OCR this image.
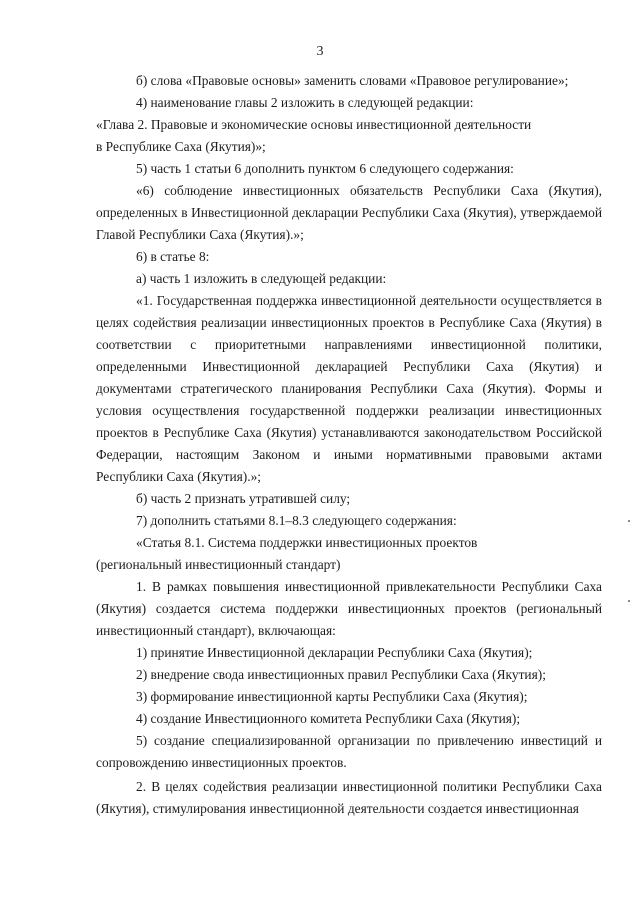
3

б) слова «Правовые основы» заменить словами «Правовое регулирование»;

4) наименование главы 2 изложить в следующей редакции:

«Глава 2. Правовые и экономические основы инвестиционной деятельности

в Республике Саха (Якутия)»;

5) часть 1 статьи 6 дополнить пунктом 6 следующего содержания:

«6) соблюдение инвестиционных обязательств Республики Саха (Якутия), определенных в Инвестиционной декларации Республики Саха (Якутия), утверждаемой Главой Республики Саха (Якутия).»;

6) в статье 8:

а) часть 1 изложить в следующей редакции:

«1. Государственная поддержка инвестиционной деятельности осуществляется в целях содействия реализации инвестиционных проектов в Республике Саха (Якутия) в соответствии с приоритетными направлениями инвестиционной политики, определенными Инвестиционной декларацией Республики Саха (Якутия) и документами стратегического планирования Республики Саха (Якутия). Формы и условия осуществления государственной поддержки реализации инвестиционных проектов в Республике Саха (Якутия) устанавливаются законодательством Российской Федерации, настоящим Законом и иными нормативными правовыми актами Республики Саха (Якутия).»;

б) часть 2 признать утратившей силу;

7) дополнить статьями 8.1–8.3 следующего содержания:

«Статья 8.1. Система поддержки инвестиционных проектов

(региональный инвестиционный стандарт)

1. В рамках повышения инвестиционной привлекательности Республики Саха (Якутия) создается система поддержки инвестиционных проектов (региональный инвестиционный стандарт), включающая:

1) принятие Инвестиционной декларации Республики Саха (Якутия);

2) внедрение свода инвестиционных правил Республики Саха (Якутия);

3) формирование инвестиционной карты Республики Саха (Якутия);

4) создание Инвестиционного комитета Республики Саха (Якутия);

5) создание специализированной организации по привлечению инвестиций и сопровождению инвестиционных проектов.

2. В целях содействия реализации инвестиционной политики Республики Саха (Якутия), стимулирования инвестиционной деятельности создается инвестиционная
